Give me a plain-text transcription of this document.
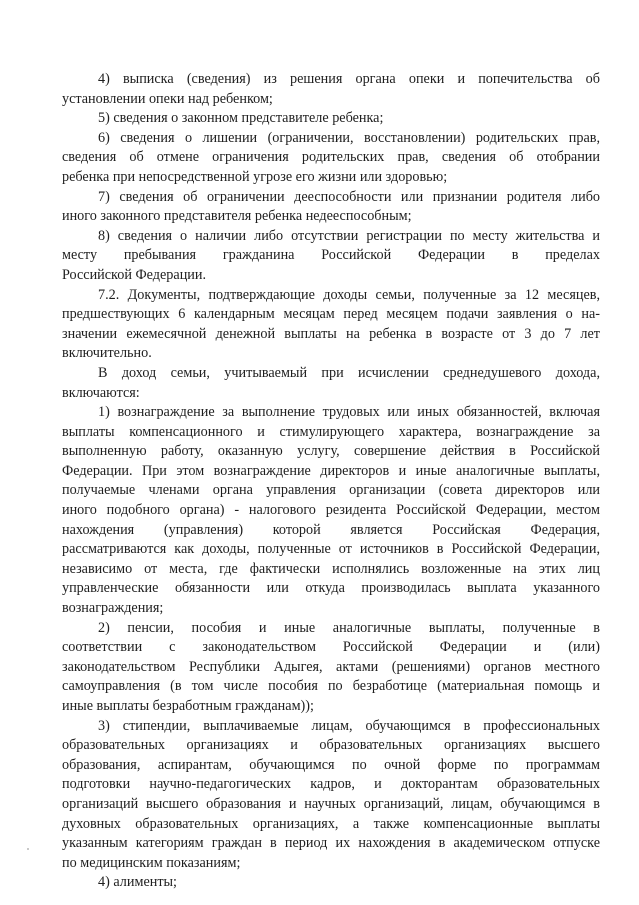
4) выписка (сведения) из решения органа опеки и попечительства об
установлении опеки над ребенком;

5) сведения о законном представителе ребенка;

6) сведения о лишении (ограничении, восстановлении) родительских прав,
сведения об отмене ограничения родительских прав, сведения об отобрании
ребенка при непосредственной угрозе его жизни или здоровью;

7) сведения об ограничении дееспособности или признании родителя либо
иного законного представителя ребенка недееспособным;

8) сведения о наличии либо отсутствии регистрации по месту жительства и
месту пребывания гражданина Российской Федерации в пределах
Российской Федерации.

7.2. Документы, подтверждающие доходы семьи, полученные за 12 месяцев,
предшествующих 6 календарным месяцам перед месяцем подачи заявления о на-
значении ежемесячной денежной выплаты на ребенка в возрасте от 3 до 7 лет
включительно.

В доход семьи, учитываемый при исчислении среднедушевого дохода,
включаются:

1) вознаграждение за выполнение трудовых или иных обязанностей, включая
выплаты компенсационного и стимулирующего характера, вознаграждение за
выполненную работу, оказанную услугу, совершение действия в Российской
Федерации. При этом вознаграждение директоров и иные аналогичные выплаты,
получаемые членами органа управления организации (совета директоров или
иного подобного органа) - налогового резидента Российской Федерации, местом
нахождения (управления) которой является Российская Федерация,
рассматриваются как доходы, полученные от источников в Российской Федерации,
независимо от места, где фактически исполнялись возложенные на этих лиц
управленческие обязанности или откуда производилась выплата указанного
вознаграждения;

2) пенсии, пособия и иные аналогичные выплаты, полученные в
соответствии с законодательством Российской Федерации и (или)
законодательством Республики Адыгея, актами (решениями) органов местного
самоуправления (в том числе пособия по безработице (материальная помощь и
иные выплаты безработным гражданам));

3) стипендии, выплачиваемые лицам, обучающимся в профессиональных
образовательных организациях и образовательных организациях высшего
образования, аспирантам, обучающимся по очной форме по программам
подготовки научно-педагогических кадров, и докторантам образовательных
организаций высшего образования и научных организаций, лицам, обучающимся в
духовных образовательных организациях, а также компенсационные выплаты
указанным категориям граждан в период их нахождения в академическом отпуске
по медицинским показаниям;

4) алименты;
